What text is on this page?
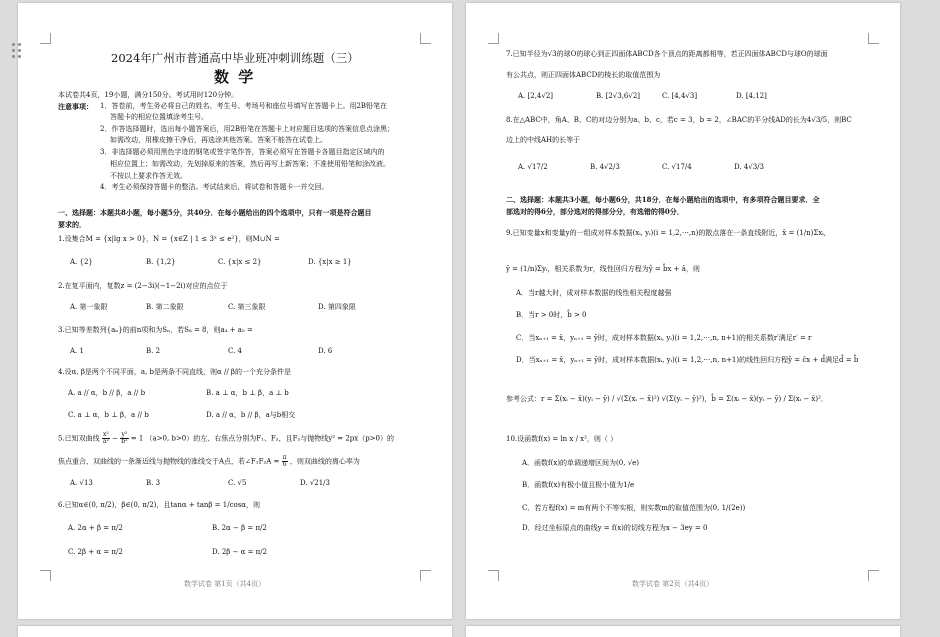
2024年广州市普通高中毕业班冲刺训练题（三）
数 学
本试卷共4页，19小题，满分150分。考试用时120分钟。
注意事项： 1．答卷前，考生务必将自己的姓名、考生号、考场号和座位号填写在答题卡上。用2B铅笔在
答题卡的相应位置填涂考生号。
2．作答选择题时，选出每小题答案后，用2B铅笔在答题卡上对应题目选项的答案信息点涂黑；
如需改动，用橡皮擦干净后，再选涂其他答案。答案不能答在试卷上。
3．非选择题必须用黑色字迹的钢笔或签字笔作答，答案必须写在答题卡各题目指定区域内的
相应位置上；如需改动，先划掉原来的答案，然后再写上新答案；不准使用铅笔和涂改液。
不按以上要求作答无效。
4．考生必须保持答题卡的整洁。考试结束后，将试卷和答题卡一并交回。
一、选择题：本题共8小题，每小题5分，共40分．在每小题给出的四个选项中，只有一项是符合题目
要求的．
1.设集合M = {x|lg x > 0}，N = {x∈Z | 1 ≤ 3ˣ ≤ e²}，则M∪N =
A. {2}	B. {1,2}	C. {x|x ≤ 2}	D. {x|x ≥ 1}
2.在复平面内，复数z = (2−3i)(−1−2i)对应的点位于
A. 第一象限	B. 第二象限	C. 第三象限	D. 第四象限
3.已知等差数列{aₙ}的前n项和为Sₙ，若S₈ = 8，则a₄ + a₅ =
A. 1	B. 2	C. 4	D. 6
4.设α, β是两个不同平面，a, b是两条不同直线，则α // β的一个充分条件是
A. a // α，b // β，a // b	B. a ⊥ α，b ⊥ β，a ⊥ b
C. a ⊥ α，b ⊥ β，a // b	D. a // α，b // β，a与b相交
5.已知双曲线 $\frac{\text{x²}}{\text{a²}} - \frac{\text{y²}}{\text{b²}} = 1$ （a>0, b>0）的左、右焦点分别为F₁、F₂，且F₂与抛物线y² = 2px（p>0）的
焦点重合，双曲线的一条渐近线与抛物线的准线交于A点，若∠F₁F₂A = $\frac{\pi}{6}$ ，则双曲线的离心率为
A. √13	B. 3	C. √5	D. √21/3
6.已知α∈(0, π/2)，β∈(0, π/2)，且tanα + tanβ = 1/cosα，则
A. 2α + β = π/2	B. 2α − β = π/2
C. 2β + α = π/2	D. 2β − α = π/2
数学试卷 第1页（共4页）
7.已知半径为√3的球O的球心到正四面体ABCD各个顶点的距离都相等，若正四面体ABCD与球O的球面
有公共点，则正四面体ABCD的棱长的取值范围为
A. [2,4√2]	B. [2√3,6√2]	C. [4,4√3]	D. [4,12]
8.在△ABC中，角A、B、C的对边分别为a、b、c，若c = 3，b = 2，∠BAC的平分线AD的长为4√3/5，则BC
边上的中线AH的长等于
A. √17/2	B. 4√2/3	C. √17/4	D. 4√3/3
二、选择题：本题共3小题，每小题6分，共18分．在每小题给出的选项中，有多项符合题目要求．全
部选对的得6分，部分选对的得部分分，有选错的得0分．
9.已知变量x和变量y的一组成对样本数据(xᵢ, yᵢ)(i = 1,2,⋯,n)的散点落在一条直线附近，x̄ = (1/n)Σxᵢ，
ȳ = (1/n)Σyᵢ，相关系数为r，线性回归方程为ŷ = b̂x + â，则
A．当r越大时，成对样本数据的线性相关程度越强
B．当r > 0时，b̂ > 0
C．当xₙ₊₁ = x̄，yₙ₊₁ = ȳ时，成对样本数据(xᵢ, yᵢ)(i = 1,2,⋯,n, n+1)的相关系数r′满足r′ = r
D．当xₙ₊₁ = x̄，yₙ₊₁ = ȳ时，成对样本数据(xᵢ, yᵢ)(i = 1,2,⋯,n, n+1)的线性回归方程ŷ = ĉx + d̂满足d̂ = b̂
参考公式：r = Σ(xᵢ − x̄)(yᵢ − ȳ) / √(Σ(xᵢ − x̄)²) √(Σ(yᵢ − ȳ)²)，b̂ = Σ(xᵢ − x̄)(yᵢ − ȳ) / Σ(xᵢ − x̄)²．
10.设函数f(x) = ln x / x²，则（ ）
A．函数f(x)的单调递增区间为(0, √e)
B．函数f(x)有极小值且极小值为1/e
C．若方程f(x) = m有两个不等实根，则实数m的取值范围为(0, 1/(2e))
D．经过坐标原点的曲线y = f(x)的切线方程为x − 3ey = 0
数学试卷 第2页（共4页）
